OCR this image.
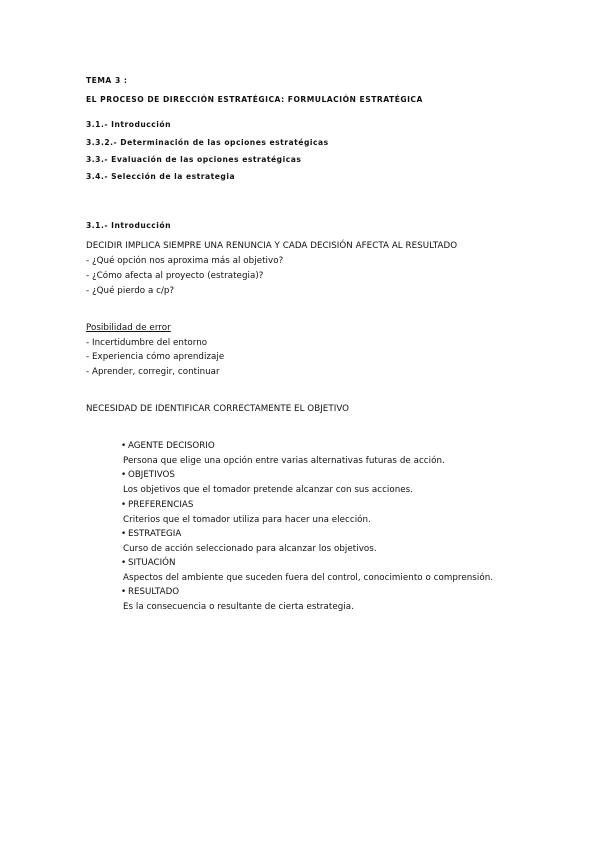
TEMA 3 :
EL PROCESO DE DIRECCIÓN ESTRATÉGICA: FORMULACIÓN ESTRATÉGICA
3.1.- Introducción
3.3.2.- Determinación de las opciones estratégicas
3.3.- Evaluación de las opciones estratégicas
3.4.- Selección de la estrategia
3.1.- Introducción
DECIDIR IMPLICA SIEMPRE UNA RENUNCIA Y CADA DECISIÓN AFECTA AL RESULTADO
- ¿Qué opción nos aproxima más al objetivo?
- ¿Cómo afecta al proyecto (estrategia)?
- ¿Qué pierdo a c/p?
Posibilidad de error
- Incertidumbre del entorno
- Experiencia cómo aprendizaje
- Aprender, corregir, continuar
NECESIDAD DE IDENTIFICAR CORRECTAMENTE EL OBJETIVO
• AGENTE DECISORIO
Persona que elige una opción entre varias alternativas futuras de acción.
• OBJETIVOS
Los objetivos que el tomador pretende alcanzar con sus acciones.
• PREFERENCIAS
Criterios que el tomador utiliza para hacer una elección.
• ESTRATEGIA
Curso de acción seleccionado para alcanzar los objetivos.
• SITUACIÓN
Aspectos del ambiente que suceden fuera del control, conocimiento o comprensión.
• RESULTADO
Es la consecuencia o resultante de cierta estrategia.
